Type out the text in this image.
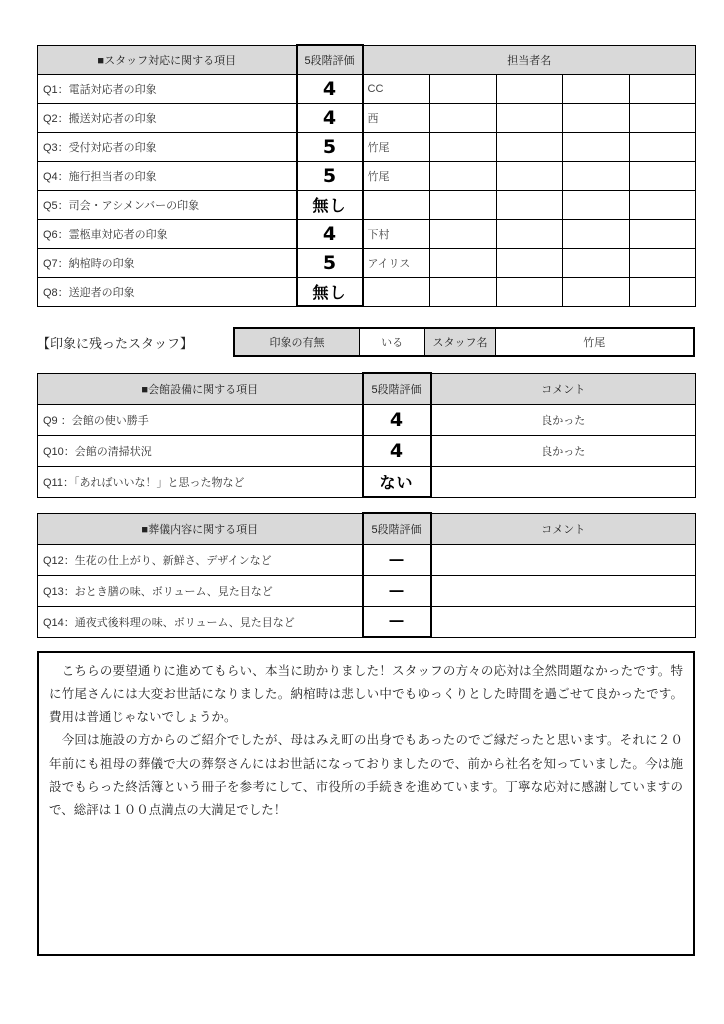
■スタッフ対応に関する項目	5段階評価	担当者名				
Q1：電話対応者の印象	4	CC				
Q2：搬送対応者の印象	4	西				
Q3：受付対応者の印象	5	竹尾				
Q4：施行担当者の印象	5	竹尾				
Q5：司会・アシメンバーの印象	無し					
Q6：霊柩車対応者の印象	4	下村				
Q7：納棺時の印象	5	アイリス				
Q8：送迎者の印象	無し					
【印象に残ったスタッフ】	印象の有無	いる	スタッフ名	竹尾
■会館設備に関する項目	5段階評価	コメント
Q9 ：会館の使い勝手	4	良かった
Q10：会館の清掃状況	4	良かった
Q11：「あればいいな！」と思った物など	ない	
■葬儀内容に関する項目	5段階評価	コメント
Q12：生花の仕上がり、新鮮さ、デザインなど	―	
Q13：おとき膳の味、ボリューム、見た目など	―	
Q14：通夜式後料理の味、ボリューム、見た目など	―	

　こちらの要望通りに進めてもらい、本当に助かりました！スタッフの方々の応対は全然問題なかったです。特に竹尾さんには大変お世話になりました。納棺時は悲しい中でもゆっくりとした時間を過ごせて良かったです。費用は普通じゃないでしょうか。

　今回は施設の方からのご紹介でしたが、母はみえ町の出身でもあったのでご縁だったと思います。それに２０年前にも祖母の葬儀で大の葬祭さんにはお世話になっておりましたので、前から社名を知っていました。今は施設でもらった終活簿という冊子を参考にして、市役所の手続きを進めています。丁寧な応対に感謝していますので、総評は１００点満点の大満足でした！
